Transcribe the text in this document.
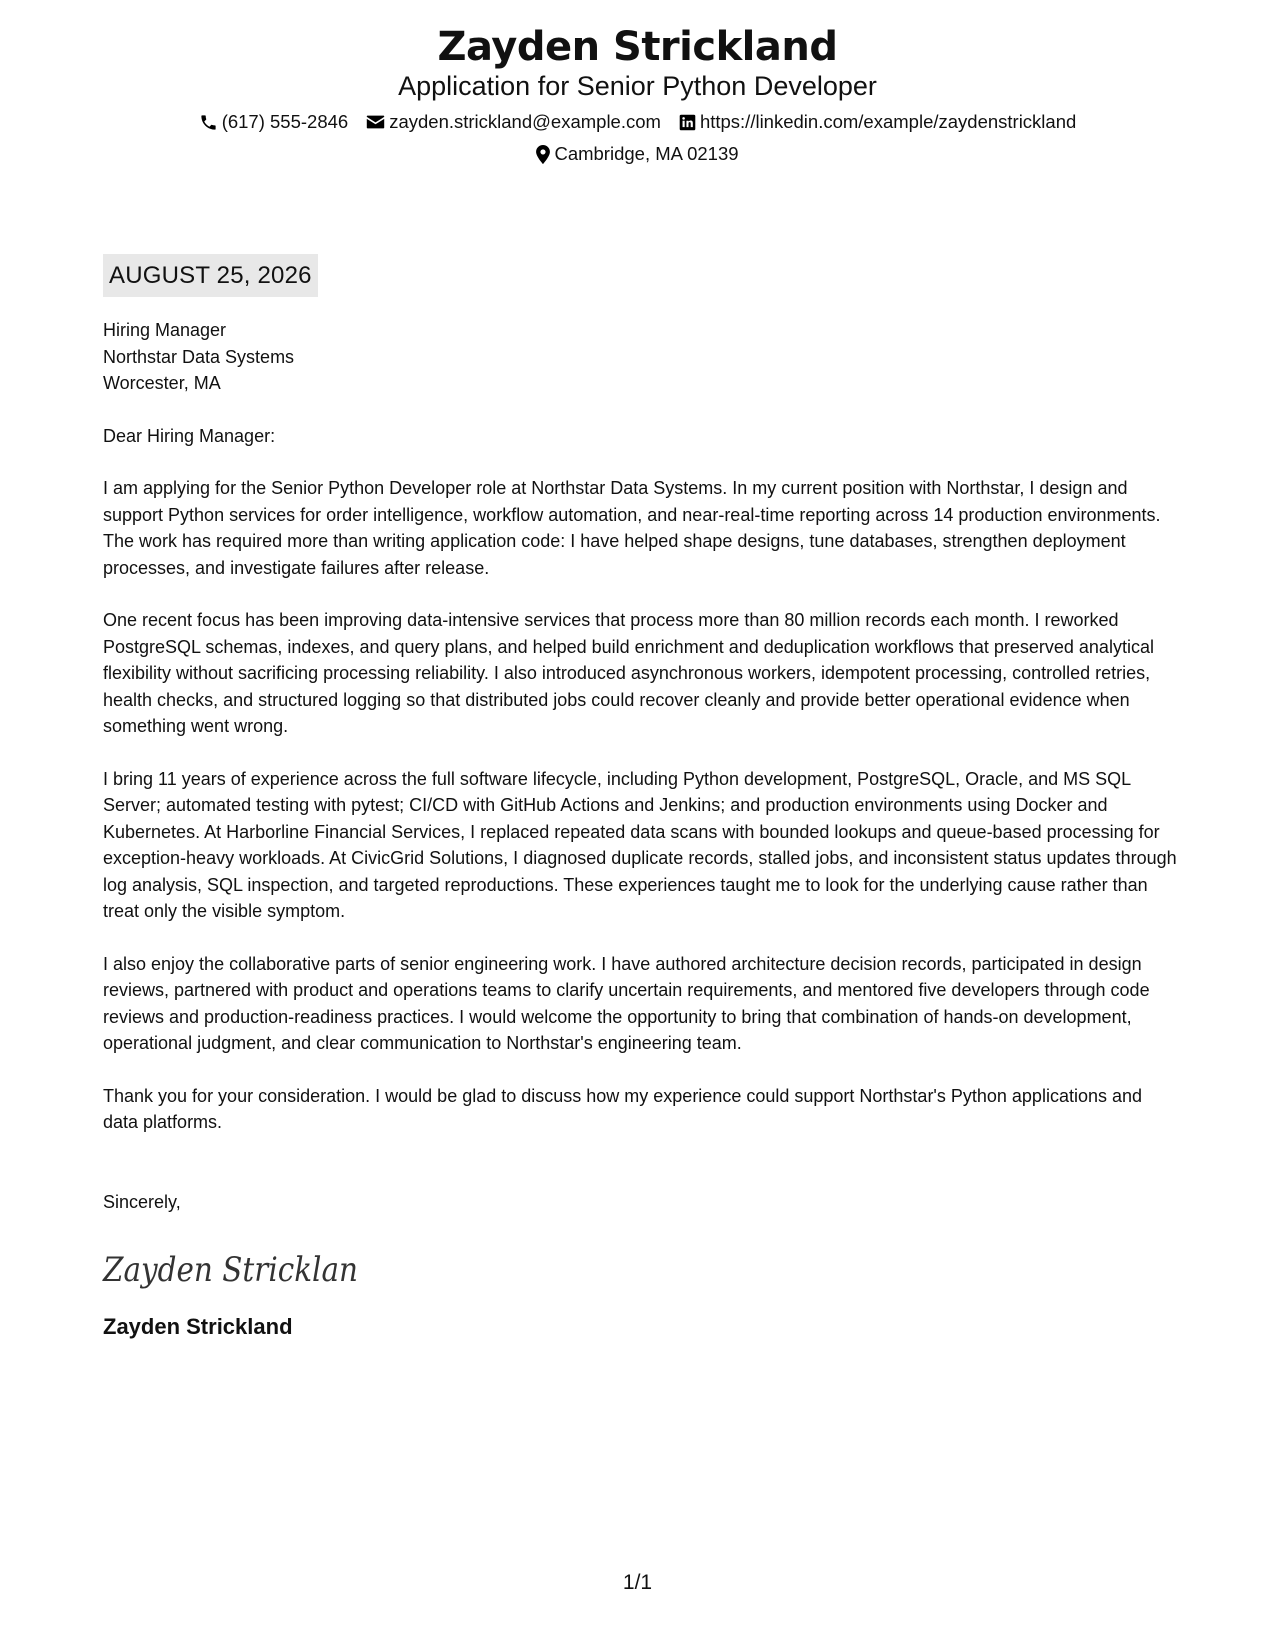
Zayden Strickland
Application for Senior Python Developer
(617) 555-2846 zayden.strickland@example.com https://linkedin.com/example/zaydenstrickland
Cambridge, MA 02139
AUGUST 25, 2026
Hiring Manager
Northstar Data Systems
Worcester, MA
Dear Hiring Manager:
I am applying for the Senior Python Developer role at Northstar Data Systems. In my current position with Northstar, I design and support Python services for order intelligence, workflow automation, and near-real-time reporting across 14 production environments. The work has required more than writing application code: I have helped shape designs, tune databases, strengthen deployment processes, and investigate failures after release.
One recent focus has been improving data-intensive services that process more than 80 million records each month. I reworked PostgreSQL schemas, indexes, and query plans, and helped build enrichment and deduplication workflows that preserved analytical flexibility without sacrificing processing reliability. I also introduced asynchronous workers, idempotent processing, controlled retries, health checks, and structured logging so that distributed jobs could recover cleanly and provide better operational evidence when something went wrong.
I bring 11 years of experience across the full software lifecycle, including Python development, PostgreSQL, Oracle, and MS SQL Server; automated testing with pytest; CI/CD with GitHub Actions and Jenkins; and production environments using Docker and Kubernetes. At Harborline Financial Services, I replaced repeated data scans with bounded lookups and queue-based processing for exception-heavy workloads. At CivicGrid Solutions, I diagnosed duplicate records, stalled jobs, and inconsistent status updates through log analysis, SQL inspection, and targeted reproductions. These experiences taught me to look for the underlying cause rather than treat only the visible symptom.
I also enjoy the collaborative parts of senior engineering work. I have authored architecture decision records, participated in design reviews, partnered with product and operations teams to clarify uncertain requirements, and mentored five developers through code reviews and production-readiness practices. I would welcome the opportunity to bring that combination of hands-on development, operational judgment, and clear communication to Northstar's engineering team.
Thank you for your consideration. I would be glad to discuss how my experience could support Northstar's Python applications and data platforms.
Sincerely,
Zayden Stricklan
Zayden Strickland
1/1
